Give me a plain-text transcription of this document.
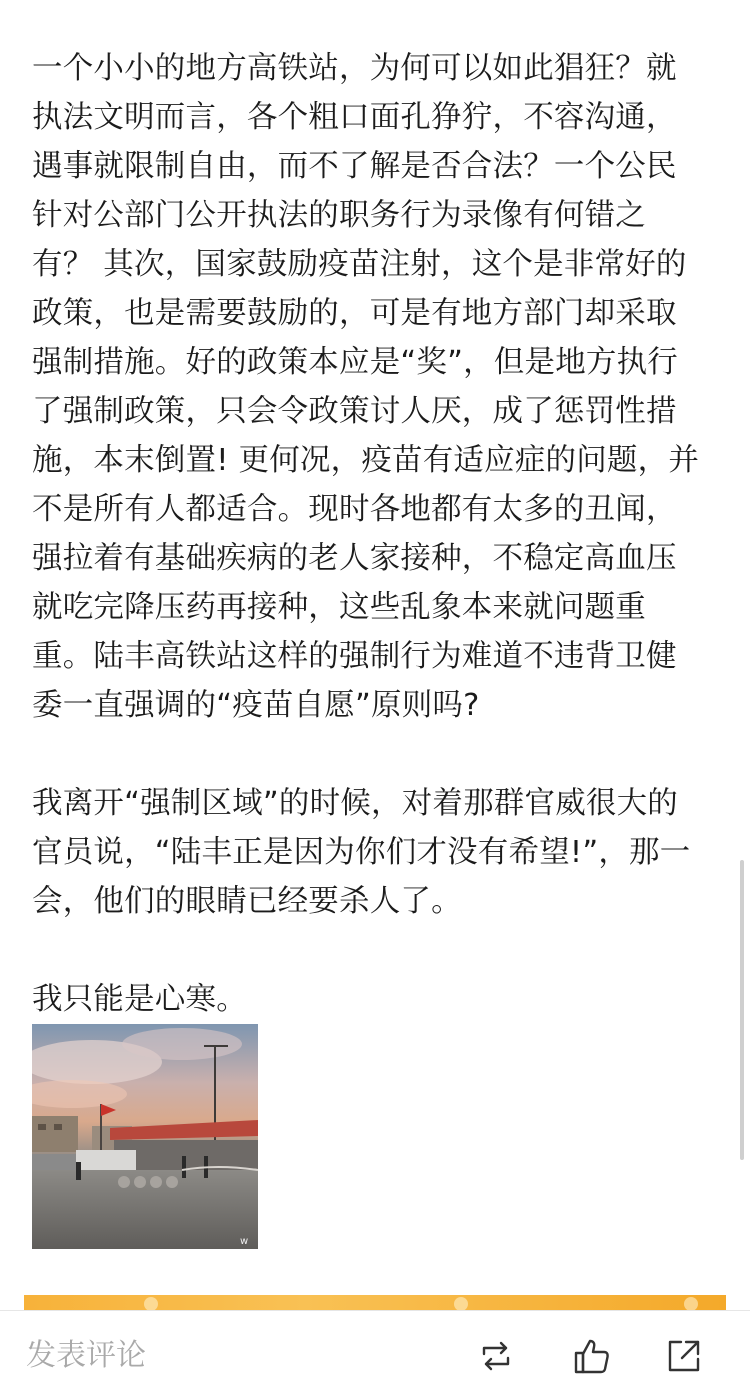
一个小小的地方高铁站，为何可以如此猖狂？就
执法文明而言，各个粗口面孔狰狞，不容沟通，
遇事就限制自由，而不了解是否合法？一个公民
针对公部门公开执法的职务行为录像有何错之
有？ 其次，国家鼓励疫苗注射，这个是非常好的
政策，也是需要鼓励的，可是有地方部门却采取
强制措施。好的政策本应是“奖”，但是地方执行
了强制政策，只会令政策讨人厌，成了惩罚性措
施，本末倒置! 更何况，疫苗有适应症的问题，并
不是所有人都适合。现时各地都有太多的丑闻，
强拉着有基础疾病的老人家接种，不稳定高血压
就吃完降压药再接种，这些乱象本来就问题重
重。陆丰高铁站这样的强制行为难道不违背卫健
委一直强调的“疫苗自愿”原则吗?

我离开“强制区域”的时候，对着那群官威很大的
官员说，“陆丰正是因为你们才没有希望!”，那一
会，他们的眼睛已经要杀人了。

我只能是心寒。

w
发表评论
